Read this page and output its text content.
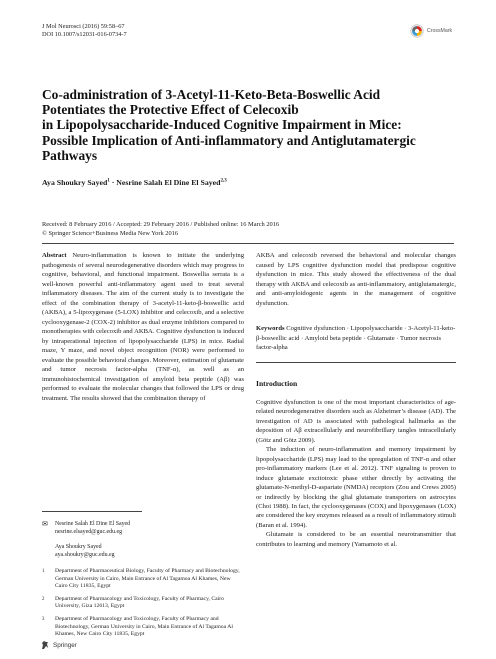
J Mol Neurosci (2016) 59:58–67
DOI 10.1007/s12031-016-0734-7	CrossMark
Co-administration of 3-Acetyl-11-Keto-Beta-Boswellic Acid
Potentiates the Protective Effect of Celecoxib
in Lipopolysaccharide-Induced Cognitive Impairment in Mice:
Possible Implication of Anti-inflammatory and Antiglutamatergic
Pathways
Aya Shoukry Sayed$^1$ · Nesrine Salah El Dine El Sayed$^{2,3}$
Received: 8 February 2016 / Accepted: 29 February 2016 / Published online: 16 March 2016
© Springer Science+Business Media New York 2016
Abstract Neuro-inflammation is known to initiate the underlying pathogenesis of several neurodegenerative disorders which may progress to cognitive, behavioral, and functional impairment. Boswellia serrata is a well-known powerful anti-inflammatory agent used to treat several inflammatory diseases. The aim of the current study is to investigate the effect of the combination therapy of 3-acetyl-11-keto-β-boswellic acid (AKBA), a 5-lipoxygenase (5-LOX) inhibitor and celecoxib, and a selective cyclooxygenase-2 (COX-2) inhibitor as dual enzyme inhibitors compared to monotherapies with celecoxib and AKBA. Cognitive dysfunction is induced by intraperational injection of lipopolysaccharide (LPS) in mice. Radial maze, Y maze, and novel object recognition (NOR) were performed to evaluate the possible behavioral changes. Moreover, estimation of glutamate and tumor necrosis factor-alpha (TNF-α), as well as an immunohistochemical investigation of amyloid beta peptide (Aβ) was performed to evaluate the molecular changes that followed the LPS or drug treatment. The results showed that the combination therapy of
AKBA and celecoxib reversed the behavioral and molecular changes caused by LPS cognitive dysfunction model that predispose cognitive dysfunction in mice. This study showed the effectiveness of the dual therapy with AKBA and celecoxib as anti-inflammatory, antiglutamatergic, and anti-amyloidogenic agents in the management of cognitive dysfunction.
Keywords Cognitive dysfunction · Lipopolysaccharide · 3-Acetyl-11-keto-β-boswellic acid · Amyloid beta peptide · Glutamate · Tumor necrosis factor-alpha
Introduction

Cognitive dysfunction is one of the most important characteristics of age-related neurodegenerative disorders such as Alzheimer’s disease (AD). The investigation of AD is associated with pathological hallmarks as the deposition of Aβ extracellularly and neurofibrillary tangles intracellularly (Götz and Götz 2009).

The induction of neuro-inflammation and memory impairment by lipopolysaccharide (LPS) may lead to the upregulation of TNF-α and other pro-inflammatory markers (Lee et al. 2012). TNF signaling is proven to induce glutamate excitotoxic phase either directly by activating the glutamate-N-methyl-D-aspartate (NMDA) receptors (Zou and Crews 2005) or indirectly by blocking the glial glutamate transporters on astrocytes (Choi 1988). In fact, the cyclooxygenases (COX) and lipoxygenases (LOX) are considered the key enzymes released as a result of inflammatory stimuli (Baran et al. 1994).

Glutamate is considered to be an essential neurotransmitter that contributes to learning and memory (Yamamoto et al.

✉ Nesrine Salah El Dine El Sayed
nesrine.elsayed@guc.edu.eg
Aya Shoukry Sayed
aya.shoukry@guc.edu.eg
1	Department of Pharmaceutical Biology, Faculty of Pharmacy and Biotechnology, German University in Cairo, Main Entrance of Al Tagamoa Al Khames, New Cairo City 11835, Egypt
2	Department of Pharmacology and Toxicology, Faculty of Pharmacy, Cairo University, Giza 12613, Egypt
3	Department of Pharmacology and Toxicology, Faculty of Pharmacy and Biotechnology, German University in Cairo, Main Entrance of Al Tagamoa Al Khames, New Cairo City 11835, Egypt
Springer
